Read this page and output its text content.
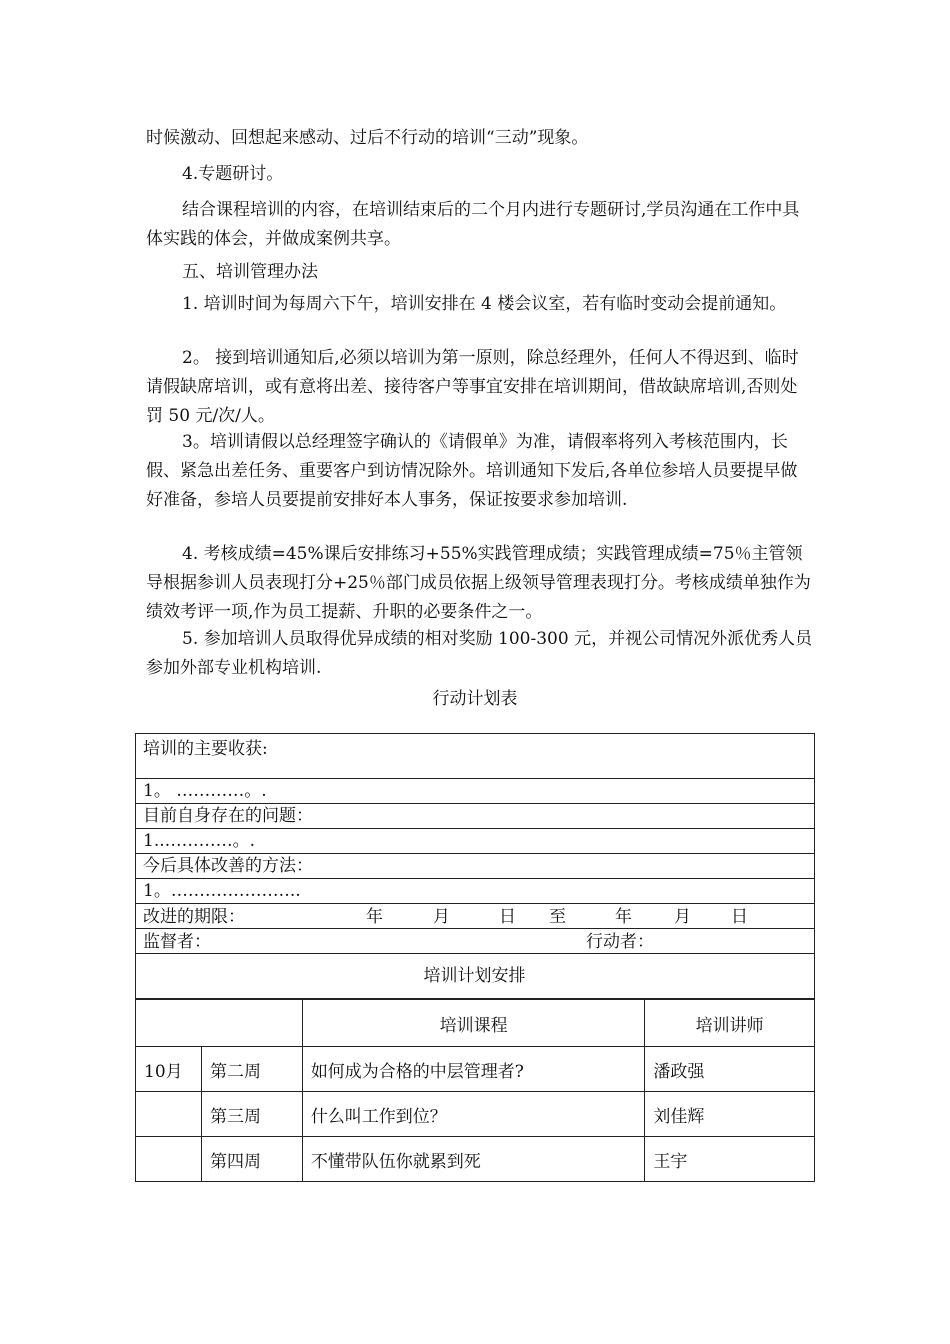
时候激动、回想起来感动、过后不行动的培训“三动”现象。

4.专题研讨。

结合课程培训的内容，在培训结束后的二个月内进行专题研讨,学员沟通在工作中具体实践的体会，并做成案例共享。

五、培训管理办法

1. 培训时间为每周六下午，培训安排在 4 楼会议室，若有临时变动会提前通知。

2。 接到培训通知后,必须以培训为第一原则，除总经理外，任何人不得迟到、临时请假缺席培训，或有意将出差、接待客户等事宜安排在培训期间，借故缺席培训,否则处罚 50 元/次/人。

3。培训请假以总经理签字确认的《请假单》为准，请假率将列入考核范围内，长假、紧急出差任务、重要客户到访情况除外。培训通知下发后,各单位参培人员要提早做好准备，参培人员要提前安排好本人事务，保证按要求参加培训.

4. 考核成绩=45%课后安排练习+55%实践管理成绩；实践管理成绩=75％主管领导根据参训人员表现打分+25％部门成员依据上级领导管理表现打分。考核成绩单独作为绩效考评一项,作为员工提薪、升职的必要条件之一。

5. 参加培训人员取得优异成绩的相对奖励 100-300 元，并视公司情况外派优秀人员参加外部专业机构培训.

行动计划表
培训的主要收获:
1。 …………。.
目前自身存在的问题：
1..…………。.
今后具体改善的方法：
1。…………………..

改进的期限：	年	月	日 至	年 月 日

监督者：	行动者：

培训计划安排
		培训课程	培训讲师
10月	第二周	如何成为合格的中层管理者?	潘政强
	第三周	什么叫工作到位？	刘佳辉
	第四周	不懂带队伍你就累到死	王宇
